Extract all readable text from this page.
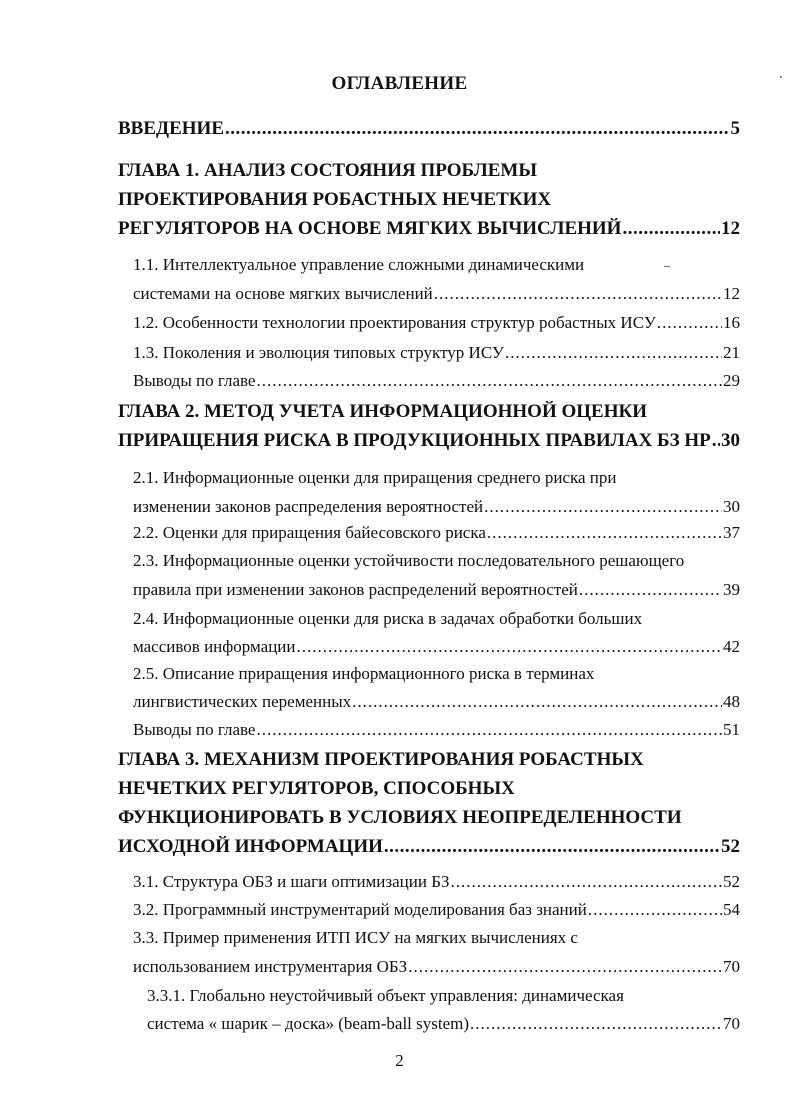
ОГЛАВЛЕНИЕ
ВВЕДЕНИЕ .....	5
ГЛАВА 1. АНАЛИЗ СОСТОЯНИЯ ПРОБЛЕМЫ
ПРОЕКТИРОВАНИЯ РОБАСТНЫХ НЕЧЕТКИХ
РЕГУЛЯТОРОВ НА ОСНОВЕ МЯГКИХ ВЫЧИСЛЕНИЙ .....	12
1.1. Интеллектуальное управление сложными динамическими
системами на основе мягких вычислений .....	12
1.2. Особенности технологии проектирования структур робастных ИСУ .....	16
1.3. Поколения и эволюция типовых структур ИСУ .....	21
Выводы по главе .....	29
ГЛАВА 2. МЕТОД УЧЕТА ИНФОРМАЦИОННОЙ ОЦЕНКИ
ПРИРАЩЕНИЯ РИСКА В ПРОДУКЦИОННЫХ ПРАВИЛАХ БЗ НР ..... 30
2.1. Информационные оценки для приращения среднего риска при
изменении законов распределения вероятностей .....	30
2.2. Оценки для приращения байесовского риска .....	37
2.3. Информационные оценки устойчивости последовательного решающего
правила при изменении законов распределений вероятностей .....	39
2.4. Информационные оценки для риска в задачах обработки больших
массивов информации .....	42
2.5. Описание приращения информационного риска в терминах
лингвистических переменных .....	48
Выводы по главе .....	51
ГЛАВА 3. МЕХАНИЗМ ПРОЕКТИРОВАНИЯ РОБАСТНЫХ
НЕЧЕТКИХ РЕГУЛЯТОРОВ, СПОСОБНЫХ
ФУНКЦИОНИРОВАТЬ В УСЛОВИЯХ НЕОПРЕДЕЛЕННОСТИ
ИСХОДНОЙ ИНФОРМАЦИИ .....	52
3.1. Структура ОБЗ и шаги оптимизации БЗ .....	52
3.2. Программный инструментарий моделирования баз знаний .....	54
3.3. Пример применения ИТП ИСУ на мягких вычислениях с
использованием инструментария ОБЗ .....	70
3.3.1. Глобально неустойчивый объект управления: динамическая
система « шарик – доска» (beam-ball system) .....	70
2
